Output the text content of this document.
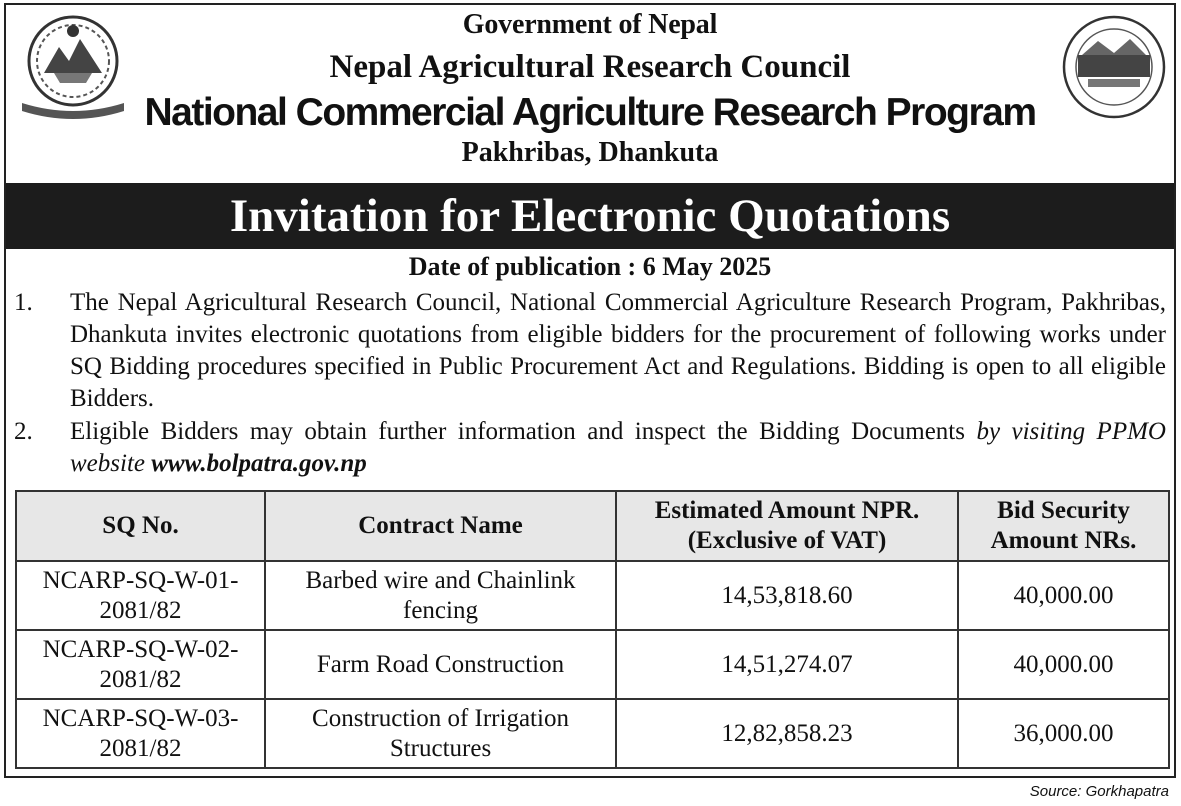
Government of Nepal
Nepal Agricultural Research Council
National Commercial Agriculture Research Program
Pakhribas, Dhankuta
Invitation for Electronic Quotations
Date of publication : 6 May 2025
1.	The Nepal Agricultural Research Council, National Commercial Agriculture Research Program, Pakhribas, Dhankuta invites electronic quotations from eligible bidders for the procurement of following works under SQ Bidding procedures specified in Public Procurement Act and Regulations. Bidding is open to all eligible Bidders.
2.	Eligible Bidders may obtain further information and inspect the Bidding Documents by visiting PPMO website www.bolpatra.gov.np
SQ No.	Contract Name	Estimated Amount NPR. (Exclusive of VAT)	Bid Security Amount NRs.
NCARP-SQ-W-01-2081/82	Barbed wire and Chainlink fencing	14,53,818.60	40,000.00
NCARP-SQ-W-02-2081/82	Farm Road Construction	14,51,274.07	40,000.00
NCARP-SQ-W-03-2081/82	Construction of Irrigation Structures	12,82,858.23	36,000.00
Source: Gorkhapatra
